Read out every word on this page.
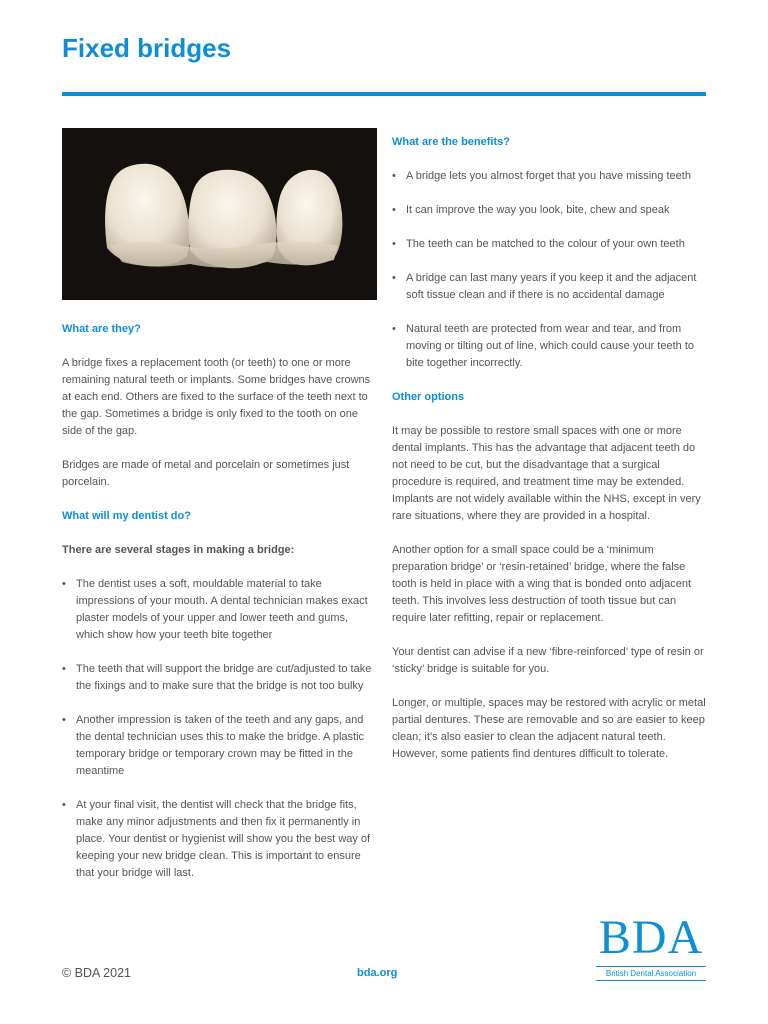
Fixed bridges
What are they?

A bridge fixes a replacement tooth (or teeth) to one or more remaining natural teeth or implants. Some bridges have crowns at each end. Others are fixed to the surface of the teeth next to the gap. Sometimes a bridge is only fixed to the tooth on one side of the gap.

Bridges are made of metal and porcelain or sometimes just porcelain.

What will my dentist do?

There are several stages in making a bridge:

• The dentist uses a soft, mouldable material to take impressions of your mouth. A dental technician makes exact plaster models of your upper and lower teeth and gums, which show how your teeth bite together
• The teeth that will support the bridge are cut/adjusted to take the fixings and to make sure that the bridge is not too bulky
• Another impression is taken of the teeth and any gaps, and the dental technician uses this to make the bridge. A plastic temporary bridge or temporary crown may be fitted in the meantime
• At your final visit, the dentist will check that the bridge fits, make any minor adjustments and then fix it permanently in place. Your dentist or hygienist will show you the best way of keeping your new bridge clean. This is important to ensure that your bridge will last.
What are the benefits?
• A bridge lets you almost forget that you have missing teeth
• It can improve the way you look, bite, chew and speak
• The teeth can be matched to the colour of your own teeth
• A bridge can last many years if you keep it and the adjacent soft tissue clean and if there is no accidental damage
• Natural teeth are protected from wear and tear, and from moving or tilting out of line, which could cause your teeth to bite together incorrectly.
Other options

It may be possible to restore small spaces with one or more dental implants. This has the advantage that adjacent teeth do not need to be cut, but the disadvantage that a surgical procedure is required, and treatment time may be extended. Implants are not widely available within the NHS, except in very rare situations, where they are provided in a hospital.

Another option for a small space could be a ‘minimum preparation bridge’ or ‘resin-retained’ bridge, where the false tooth is held in place with a wing that is bonded onto adjacent teeth. This involves less destruction of tooth tissue but can require later refitting, repair or replacement.

Your dentist can advise if a new ‘fibre-reinforced’ type of resin or ‘sticky’ bridge is suitable for you.

Longer, or multiple, spaces may be restored with acrylic or metal partial dentures. These are removable and so are easier to keep clean; it’s also easier to clean the adjacent natural teeth. However, some patients find dentures difficult to tolerate.

© BDA 2021	bda.org
BDA
British Dental Association
